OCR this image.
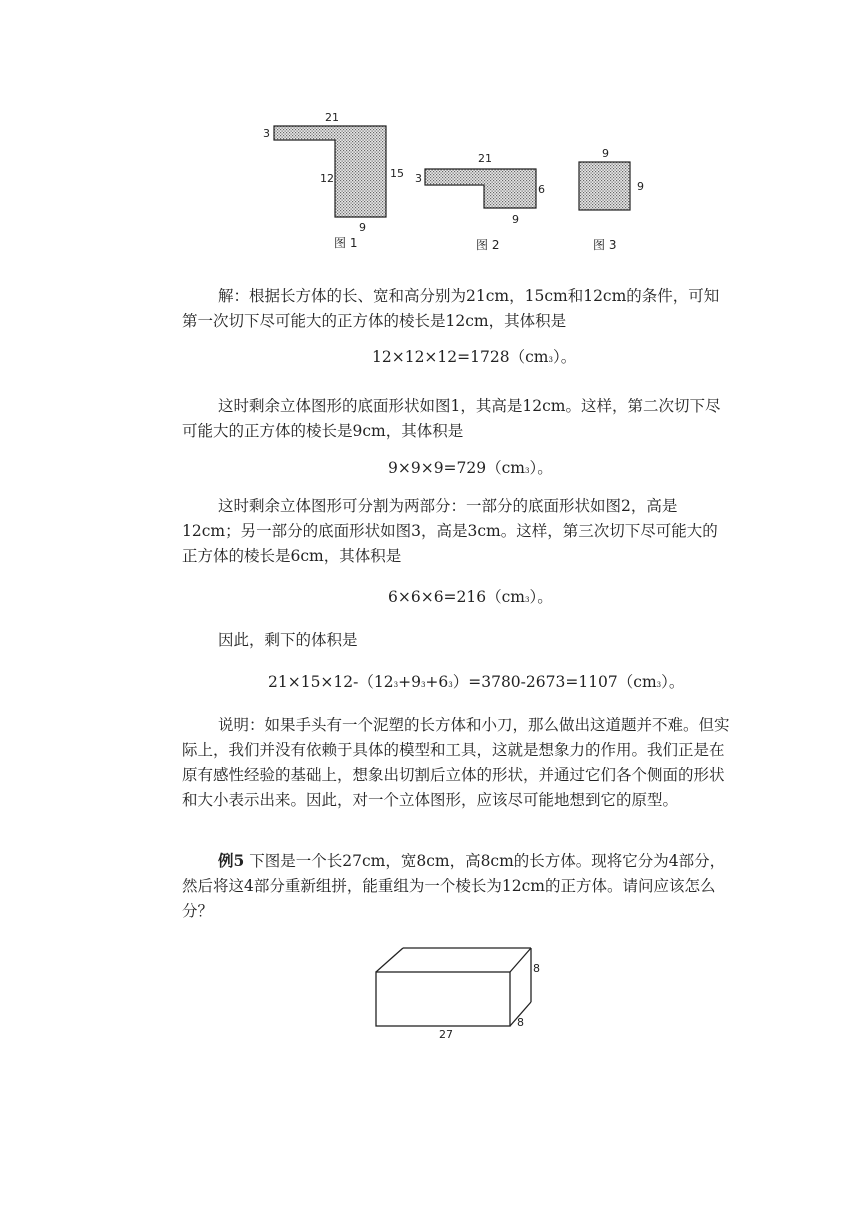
21
3
12	15
9
图 1
21
3
6
9
图 2
9
9
图 3

解：根据长方体的长、宽和高分别为21cm，15cm和12cm的条件，可知第一次切下尽可能大的正方体的棱长是12cm，其体积是

12×12×12=1728（cm3）。

这时剩余立体图形的底面形状如图1，其高是12cm。这样，第二次切下尽可能大的正方体的棱长是9cm，其体积是

9×9×9=729（cm3）。

这时剩余立体图形可分割为两部分：一部分的底面形状如图2，高是12cm；另一部分的底面形状如图3，高是3cm。这样，第三次切下尽可能大的正方体的棱长是6cm，其体积是

6×6×6=216（cm3）。

因此，剩下的体积是

21×15×12-（123+93+63）=3780-2673=1107（cm3）。

说明：如果手头有一个泥塑的长方体和小刀，那么做出这道题并不难。但实际上，我们并没有依赖于具体的模型和工具，这就是想象力的作用。我们正是在原有感性经验的基础上，想象出切割后立体的形状，并通过它们各个侧面的形状和大小表示出来。因此，对一个立体图形，应该尽可能地想到它的原型。

例5 下图是一个长27cm，宽8cm，高8cm的长方体。现将它分为4部分，然后将这4部分重新组拼，能重组为一个棱长为12cm的正方体。请问应该怎么分？

8
8
27
